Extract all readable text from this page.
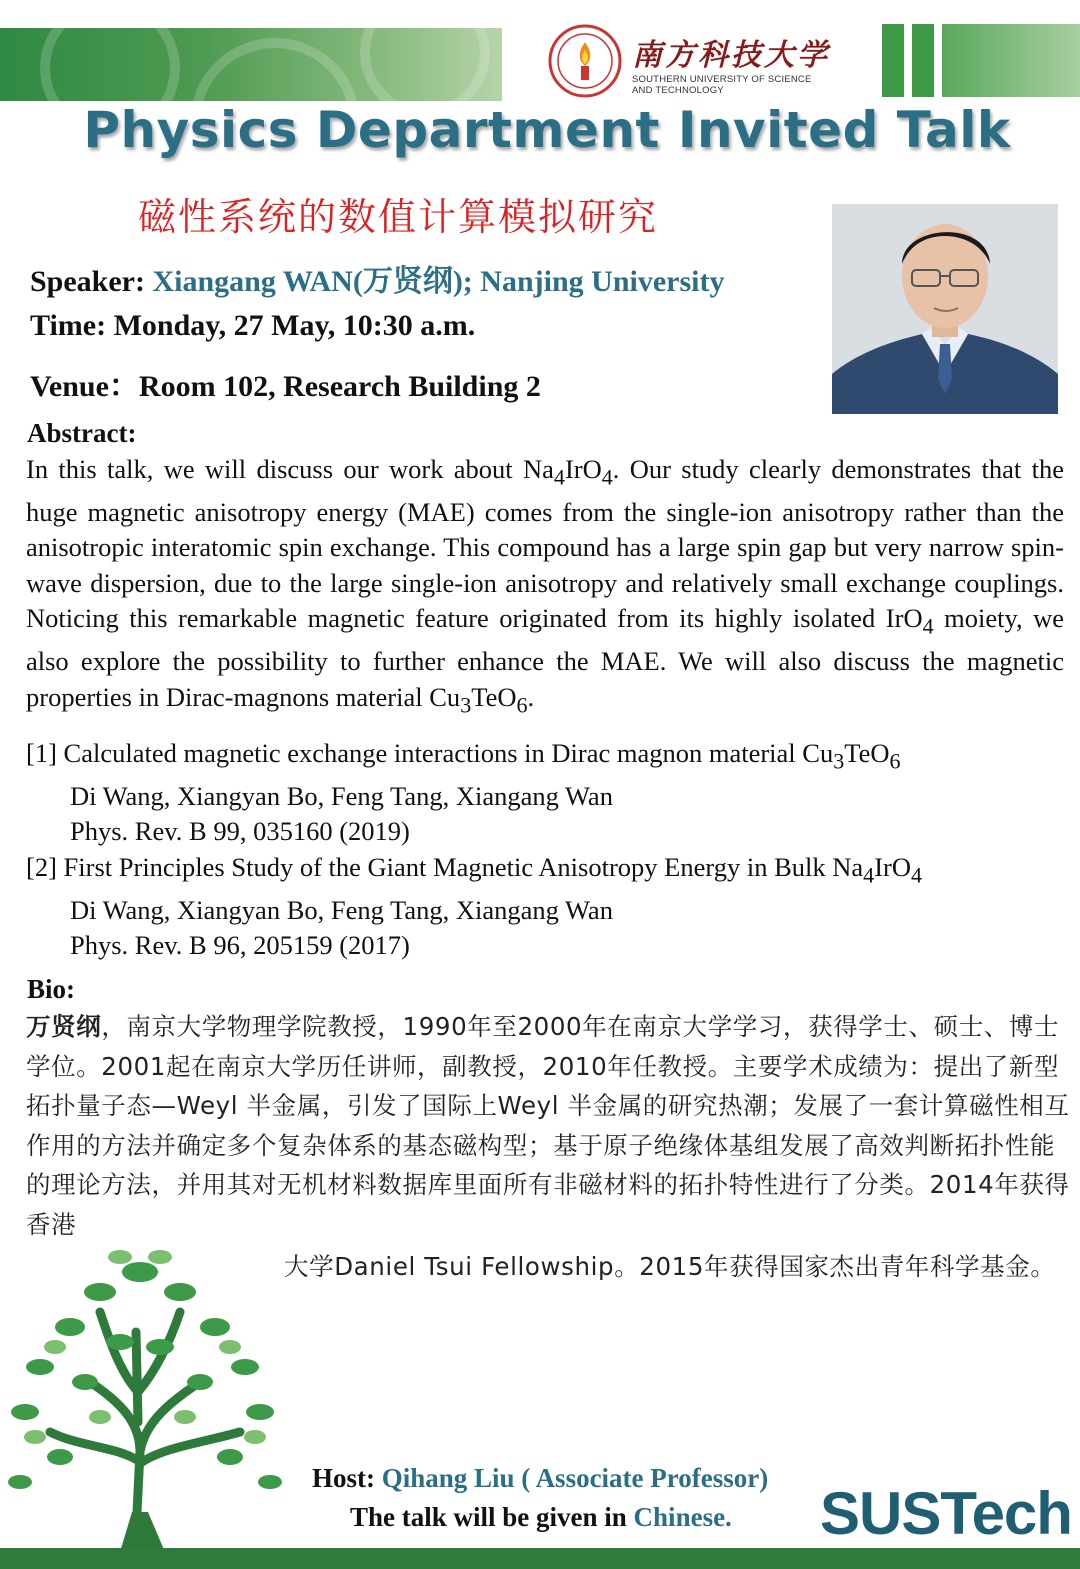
南方科技大学
SOUTHERN UNIVERSITY OF SCIENCE AND TECHNOLOGY
Physics Department Invited Talk
磁性系统的数值计算模拟研究
Speaker: Xiangang WAN(万贤纲); Nanjing University
Time: Monday, 27 May, 10:30 a.m.
Venue：Room 102, Research Building 2
Abstract:

In this talk, we will discuss our work about $Na_4IrO_4$. Our study clearly demonstrates that the huge magnetic anisotropy energy (MAE) comes from the single-ion anisotropy rather than the anisotropic interatomic spin exchange. This compound has a large spin gap but very narrow spin-wave dispersion, due to the large single-ion anisotropy and relatively small exchange couplings. Noticing this remarkable magnetic feature originated from its highly isolated IrO$_4$ moiety, we also explore the possibility to further enhance the MAE. We will also discuss the magnetic properties in Dirac-magnons material $Cu_3TeO_6$.

[1] Calculated magnetic exchange interactions in Dirac magnon material $Cu_3TeO_6$
Di Wang, Xiangyan Bo, Feng Tang, Xiangang Wan
Phys. Rev. B 99, 035160 (2019)
[2] First Principles Study of the Giant Magnetic Anisotropy Energy in Bulk $Na_4IrO_4$
Di Wang, Xiangyan Bo, Feng Tang, Xiangang Wan
Phys. Rev. B 96, 205159 (2017)
Bio:
万贤纲，南京大学物理学院教授，1990年至2000年在南京大学学习，获得学士、硕士、博士学位。2001起在南京大学历任讲师，副教授，2010年任教授。主要学术成绩为：提出了新型拓扑量子态—Weyl 半金属，引发了国际上Weyl 半金属的研究热潮；发展了一套计算磁性相互作用的方法并确定多个复杂体系的基态磁构型；基于原子绝缘体基组发展了高效判断拓扑性能的理论方法，并用其对无机材料数据库里面所有非磁材料的拓扑特性进行了分类。2014年获得香港
大学Daniel Tsui Fellowship。2015年获得国家杰出青年科学基金。
Host: Qihang Liu ( Associate Professor)
The talk will be given in Chinese. SUSTech
